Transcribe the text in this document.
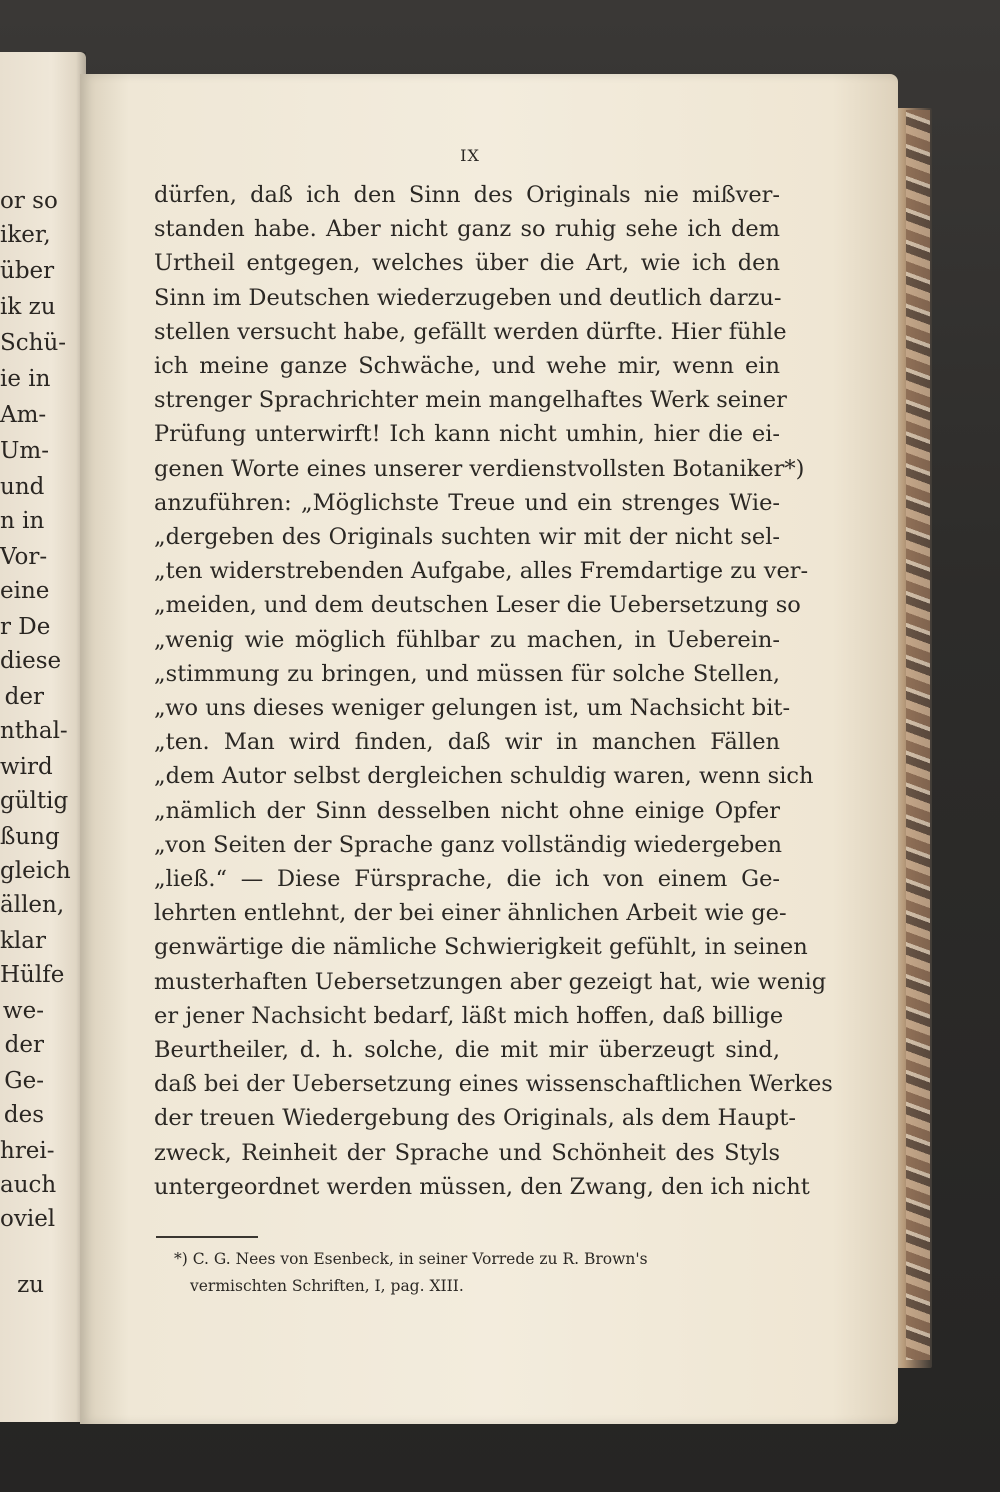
or so
iker,
über
ik zu
Schü-
ie in
Am-
Um-
und
n in
Vor-
eine
r De
diese
der
nthal-
wird
gültig
ßung
gleich
ällen,
klar
Hülfe
we-
der
Ge-
des
hrei-
auch
oviel
zu
IX
dürfen, daß ich den Sinn des Originals nie mißver-
standen habe. Aber nicht ganz so ruhig sehe ich dem
Urtheil entgegen, welches über die Art, wie ich den
Sinn im Deutschen wiederzugeben und deutlich darzu-
stellen versucht habe, gefällt werden dürfte. Hier fühle
ich meine ganze Schwäche, und wehe mir, wenn ein
strenger Sprachrichter mein mangelhaftes Werk seiner
Prüfung unterwirft! Ich kann nicht umhin, hier die ei-
genen Worte eines unserer verdienstvollsten Botaniker*)
anzuführen: „Möglichste Treue und ein strenges Wie-
„dergeben des Originals suchten wir mit der nicht sel-
„ten widerstrebenden Aufgabe, alles Fremdartige zu ver-
„meiden, und dem deutschen Leser die Uebersetzung so
„wenig wie möglich fühlbar zu machen, in Ueberein-
„stimmung zu bringen, und müssen für solche Stellen,
„wo uns dieses weniger gelungen ist, um Nachsicht bit-
„ten. Man wird finden, daß wir in manchen Fällen
„dem Autor selbst dergleichen schuldig waren, wenn sich
„nämlich der Sinn desselben nicht ohne einige Opfer
„von Seiten der Sprache ganz vollständig wiedergeben
„ließ.“ — Diese Fürsprache, die ich von einem Ge-
lehrten entlehnt, der bei einer ähnlichen Arbeit wie ge-
genwärtige die nämliche Schwierigkeit gefühlt, in seinen
musterhaften Uebersetzungen aber gezeigt hat, wie wenig
er jener Nachsicht bedarf, läßt mich hoffen, daß billige
Beurtheiler, d. h. solche, die mit mir überzeugt sind,
daß bei der Uebersetzung eines wissenschaftlichen Werkes
der treuen Wiedergebung des Originals, als dem Haupt-
zweck, Reinheit der Sprache und Schönheit des Styls
untergeordnet werden müssen, den Zwang, den ich nicht
*) C. G. Nees von Esenbeck, in seiner Vorrede zu R. Brown's
vermischten Schriften, I, pag. XIII.
